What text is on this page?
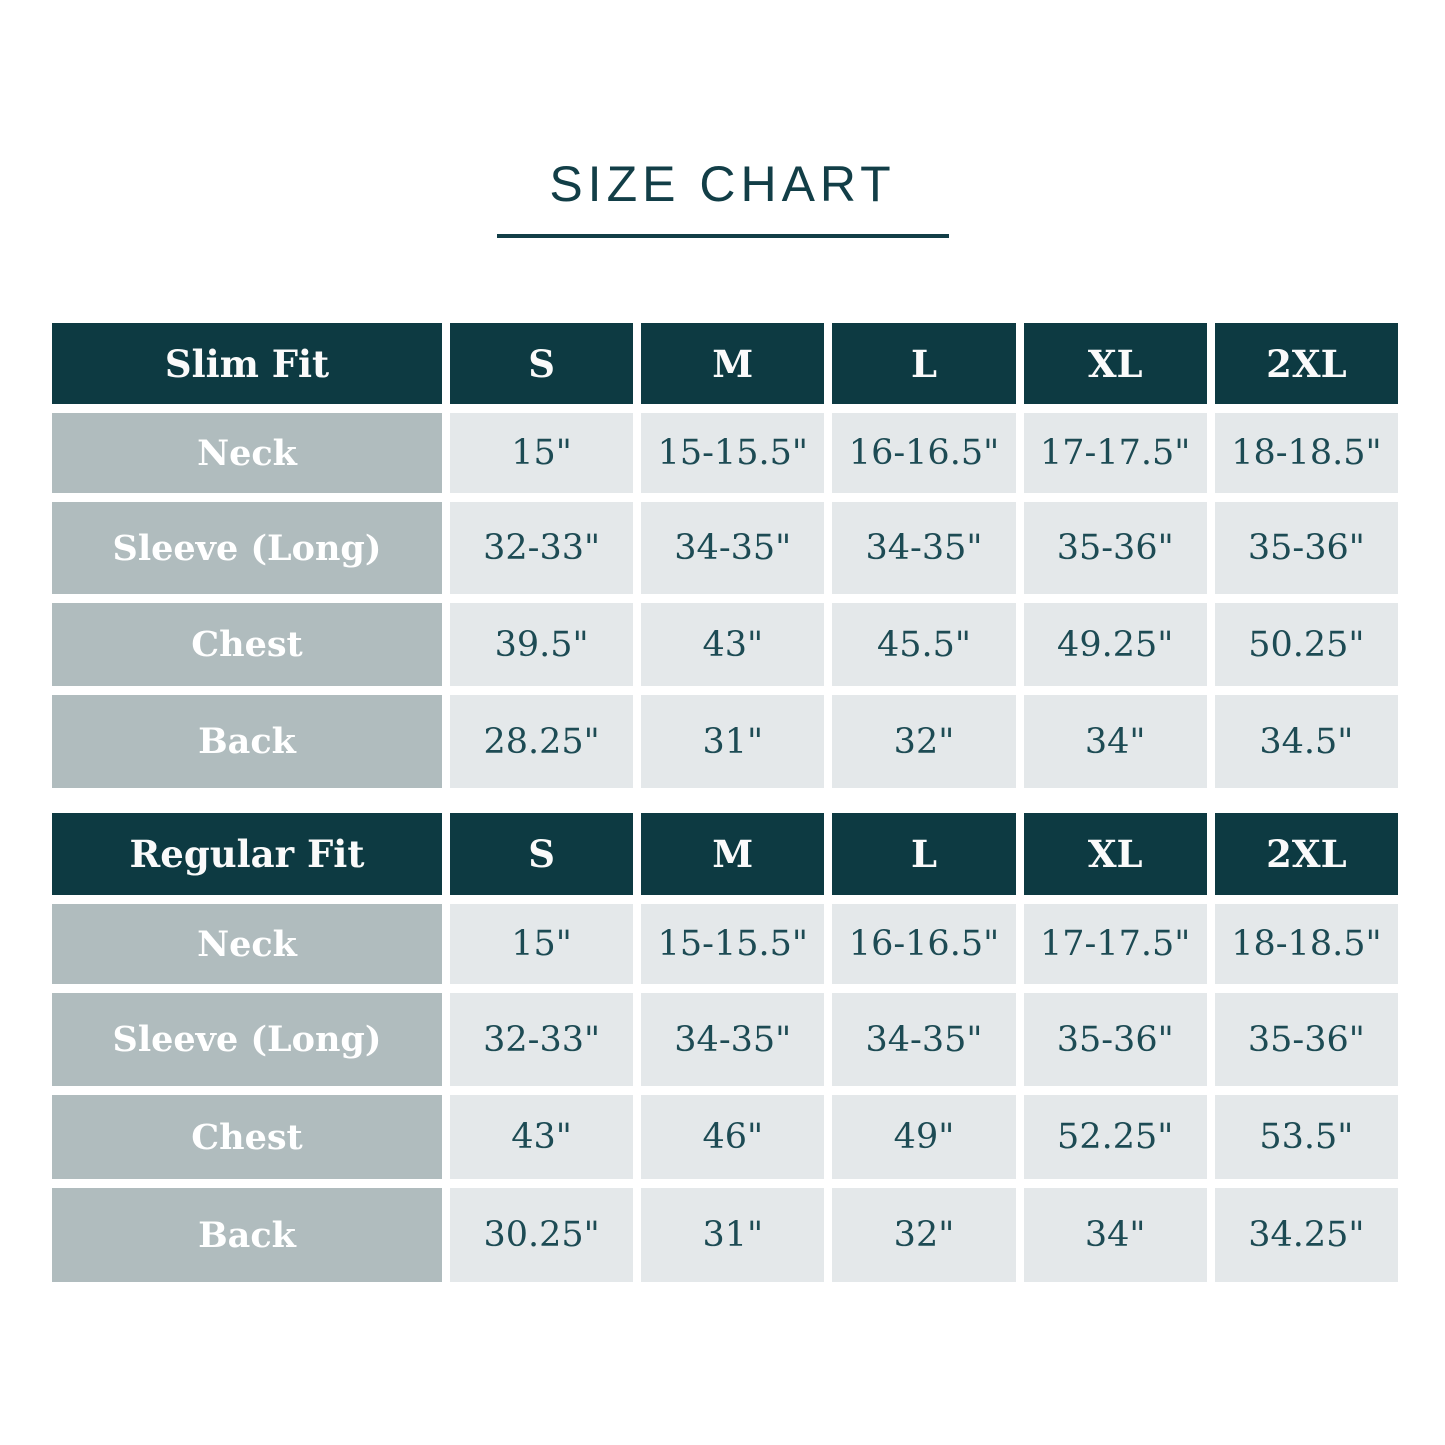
SIZE CHART
Slim Fit	S	M	L	XL	2XL
Neck	15"	15-15.5"	16-16.5"	17-17.5"	18-18.5"
Sleeve (Long)	32-33"	34-35"	34-35"	35-36"	35-36"
Chest	39.5"	43"	45.5"	49.25"	50.25"
Back	28.25"	31"	32"	34"	34.5"
Regular Fit	S	M	L	XL	2XL
Neck	15"	15-15.5"	16-16.5"	17-17.5"	18-18.5"
Sleeve (Long)	32-33"	34-35"	34-35"	35-36"	35-36"
Chest	43"	46"	49"	52.25"	53.5"
Back	30.25"	31"	32"	34"	34.25"
